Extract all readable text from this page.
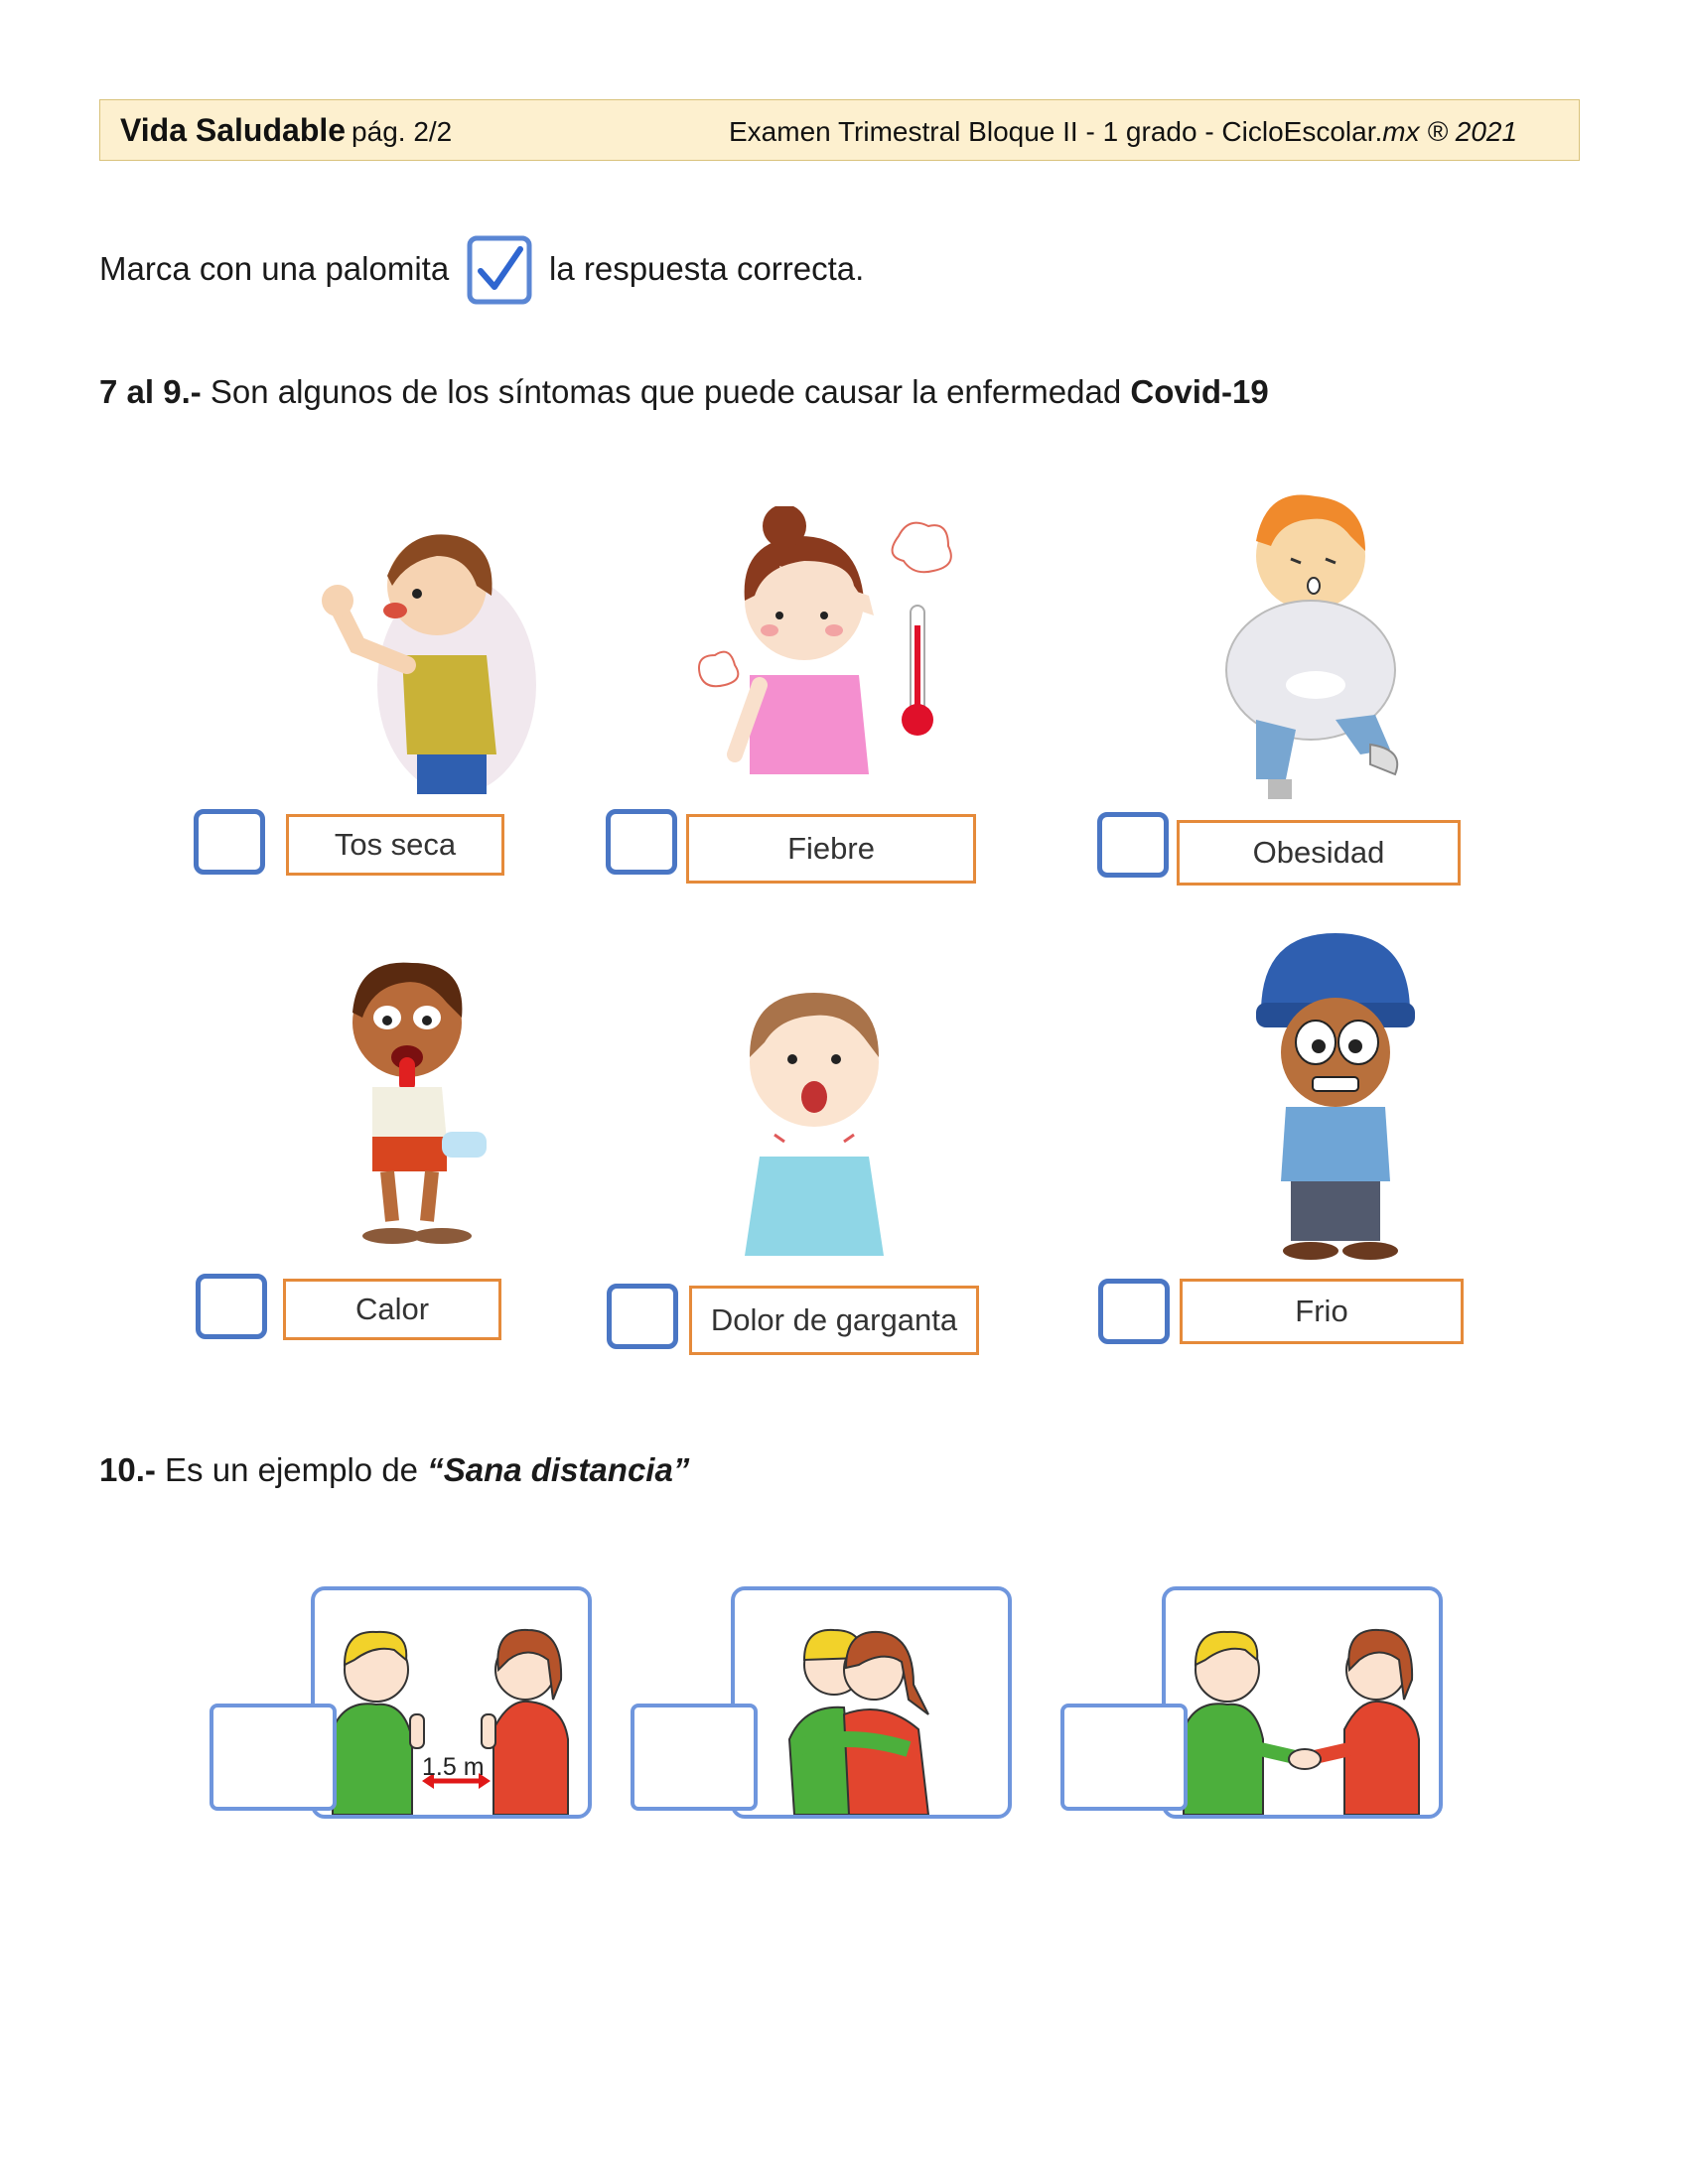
Vida Saludable pág. 2/2	Examen Trimestral Bloque II - 1 grado - CicloEscolar.mx ® 2021
Marca con una palomita	la respuesta correcta.
7 al 9.- Son algunos de los síntomas que puede causar la enfermedad Covid-19
Tos seca	Fiebre	Obesidad
Calor	Dolor de garganta	Frio
10.- Es un ejemplo de “Sana distancia”
1.5 m
